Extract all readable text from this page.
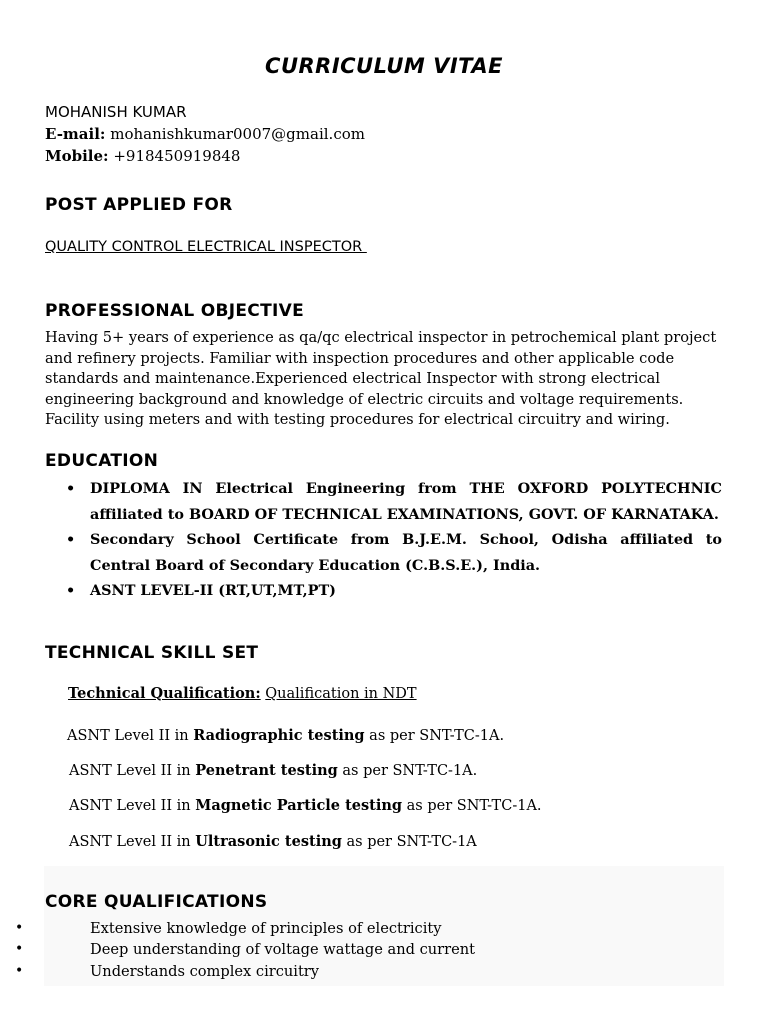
CURRICULUM VITAE
MOHANISH KUMAR
E-mail: mohanishkumar0007@gmail.com
Mobile: +918450919848
POST APPLIED FOR
QUALITY CONTROL ELECTRICAL INSPECTOR
PROFESSIONAL OBJECTIVE
Having 5+ years of experience as qa/qc electrical inspector in petrochemical plant project
and refinery projects. Familiar with inspection procedures and other applicable code
standards and maintenance.Experienced electrical Inspector with strong electrical
engineering background and knowledge of electric circuits and voltage requirements.
Facility using meters and with testing procedures for electrical circuitry and wiring.
EDUCATION
• DIPLOMA IN Electrical Engineering from THE OXFORD POLYTECHNIC affiliated to BOARD OF TECHNICAL EXAMINATIONS, GOVT. OF KARNATAKA.
• Secondary School Certificate from B.J.E.M. School, Odisha affiliated to Central Board of Secondary Education (C.B.S.E.), India.
• ASNT LEVEL-II (RT,UT,MT,PT)
TECHNICAL SKILL SET
Technical Qualification: Qualification in NDT
ASNT Level II in Radiographic testing as per SNT-TC-1A.
ASNT Level II in Penetrant testing as per SNT-TC-1A.
ASNT Level II in Magnetic Particle testing as per SNT-TC-1A.
ASNT Level II in Ultrasonic testing as per SNT-TC-1A
CORE QUALIFICATIONS
•	Extensive knowledge of principles of electricity
•	Deep understanding of voltage wattage and current
•	Understands complex circuitry
